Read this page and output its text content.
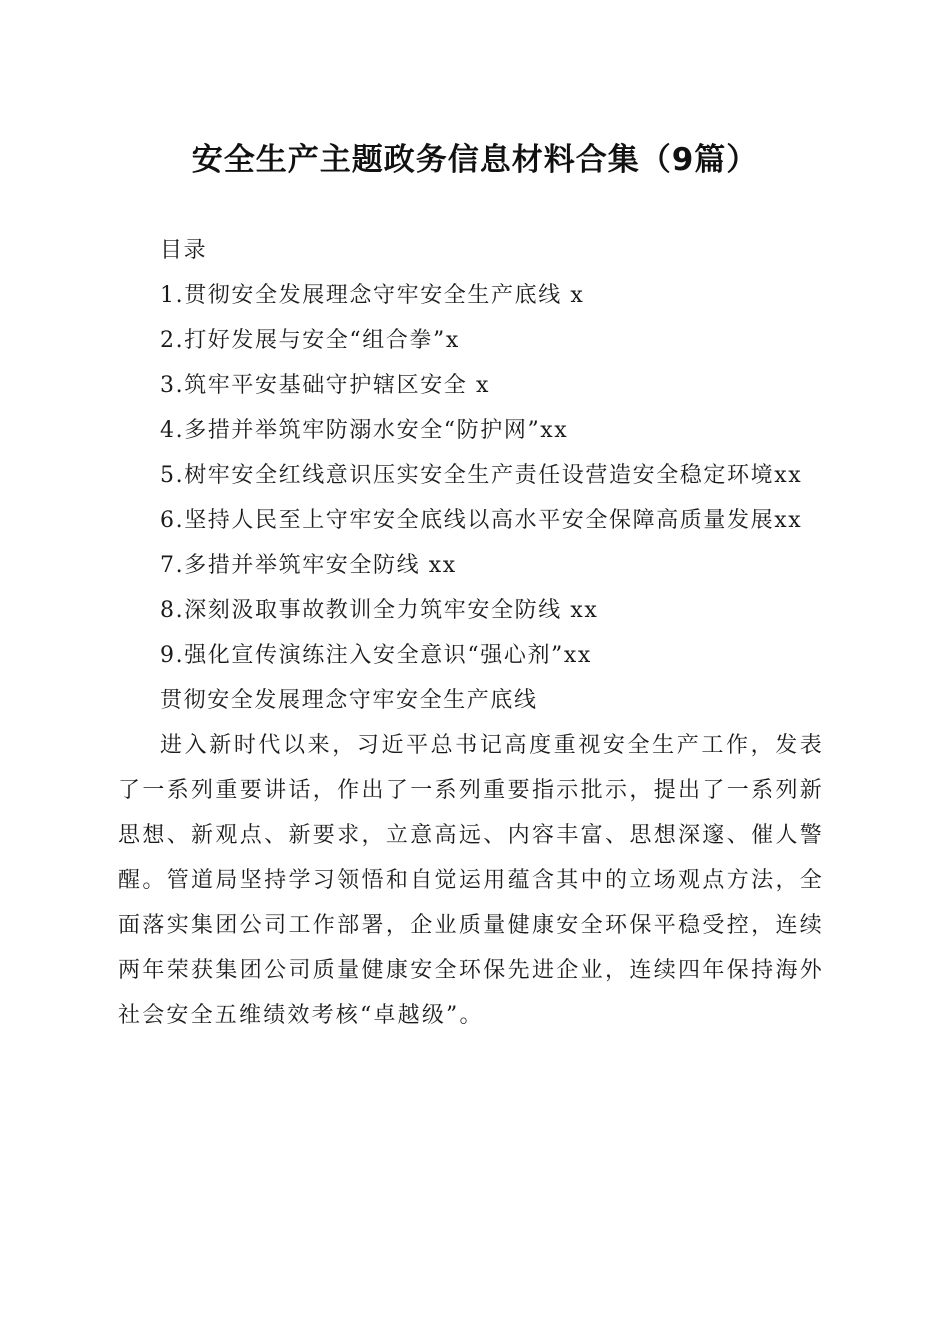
安全生产主题政务信息材料合集（9篇）

目录

1.贯彻安全发展理念守牢安全生产底线 x

2.打好发展与安全“组合拳”x

3.筑牢平安基础守护辖区安全 x

4.多措并举筑牢防溺水安全“防护网”xx

5.树牢安全红线意识压实安全生产责任设营造安全稳定环境xx

6.坚持人民至上守牢安全底线以高水平安全保障高质量发展xx

7.多措并举筑牢安全防线 xx

8.深刻汲取事故教训全力筑牢安全防线 xx

9.强化宣传演练注入安全意识“强心剂”xx

贯彻安全发展理念守牢安全生产底线

进入新时代以来，习近平总书记高度重视安全生产工作，发表了一系列重要讲话，作出了一系列重要指示批示，提出了一系列新思想、新观点、新要求，立意高远、内容丰富、思想深邃、催人警醒。管道局坚持学习领悟和自觉运用蕴含其中的立场观点方法，全面落实集团公司工作部署，企业质量健康安全环保平稳受控，连续两年荣获集团公司质量健康安全环保先进企业，连续四年保持海外社会安全五维绩效考核“卓越级”。
